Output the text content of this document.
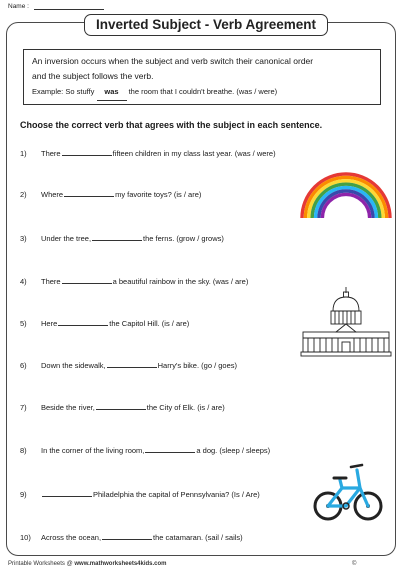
Name :
Inverted Subject - Verb Agreement
An inversion occurs when the subject and verb switch their canonical order
and the subject follows the verb.
Example: So stuffy was the room that I couldn't breathe. (was / were)
Choose the correct verb that agrees with the subject in each sentence.
1) There	fifteen children in my class last year. (was / were)
2) Where	my favorite toys? (is / are)
3) Under the tree,	the ferns. (grow / grows)
4) There	a beautiful rainbow in the sky. (was / are)
5) Here	the Capitol Hill. (is / are)
6) Down the sidewalk,	Harry's bike. (go / goes)
7) Beside the river,	the City of Elk. (is / are)
8) In the corner of the living room,	a dog. (sleep / sleeps)
9)	Philadelphia the capital of Pennsylvania? (Is / Are)
10) Across the ocean,	the catamaran. (sail / sails)
Printable Worksheets @ www.mathworksheets4kids.com	©
